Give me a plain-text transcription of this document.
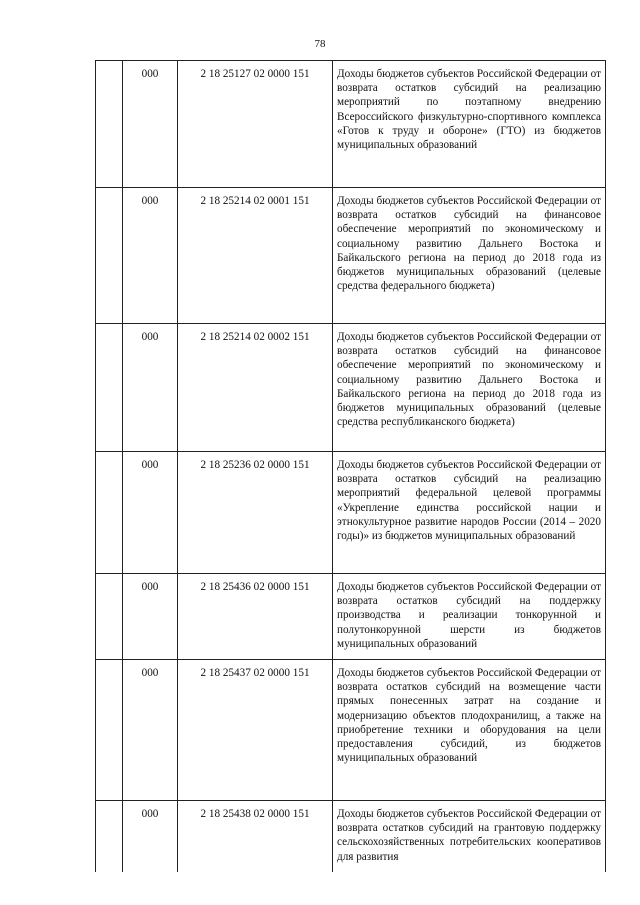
78
	000	2 18 25127 02 0000 151	Доходы бюджетов субъектов Российской Федерации от возврата остатков субсидий на реализацию мероприятий по поэтапному внедрению Всероссийского физкультурно-спортивного комплекса «Готов к труду и обороне» (ГТО) из бюджетов муниципальных образований
	000	2 18 25214 02 0001 151	Доходы бюджетов субъектов Российской Федерации от возврата остатков субсидий на финансовое обеспечение мероприятий по экономическому и социальному развитию Дальнего Востока и Байкальского региона на период до 2018 года из бюджетов муниципальных образований (целевые средства федерального бюджета)
	000	2 18 25214 02 0002 151	Доходы бюджетов субъектов Российской Федерации от возврата остатков субсидий на финансовое обеспечение мероприятий по экономическому и социальному развитию Дальнего Востока и Байкальского региона на период до 2018 года из бюджетов муниципальных образований (целевые средства республиканского бюджета)
	000	2 18 25236 02 0000 151	Доходы бюджетов субъектов Российской Федерации от возврата остатков субсидий на реализацию мероприятий федеральной целевой программы «Укрепление единства российской нации и этнокультурное развитие народов России (2014 – 2020 годы)» из бюджетов муниципальных образований
	000	2 18 25436 02 0000 151	Доходы бюджетов субъектов Российской Федерации от возврата остатков субсидий на поддержку производства и реализации тонкорунной и полутонкорунной шерсти из бюджетов муниципальных образований
	000	2 18 25437 02 0000 151	Доходы бюджетов субъектов Российской Федерации от возврата остатков субсидий на возмещение части прямых понесенных затрат на создание и модернизацию объектов плодохранилищ, а также на приобретение техники и оборудования на цели предоставления субсидий, из бюджетов муниципальных образований
	000	2 18 25438 02 0000 151	Доходы бюджетов субъектов Российской Федерации от возврата остатков субсидий на грантовую поддержку сельскохозяйственных потребительских кооперативов для развития
